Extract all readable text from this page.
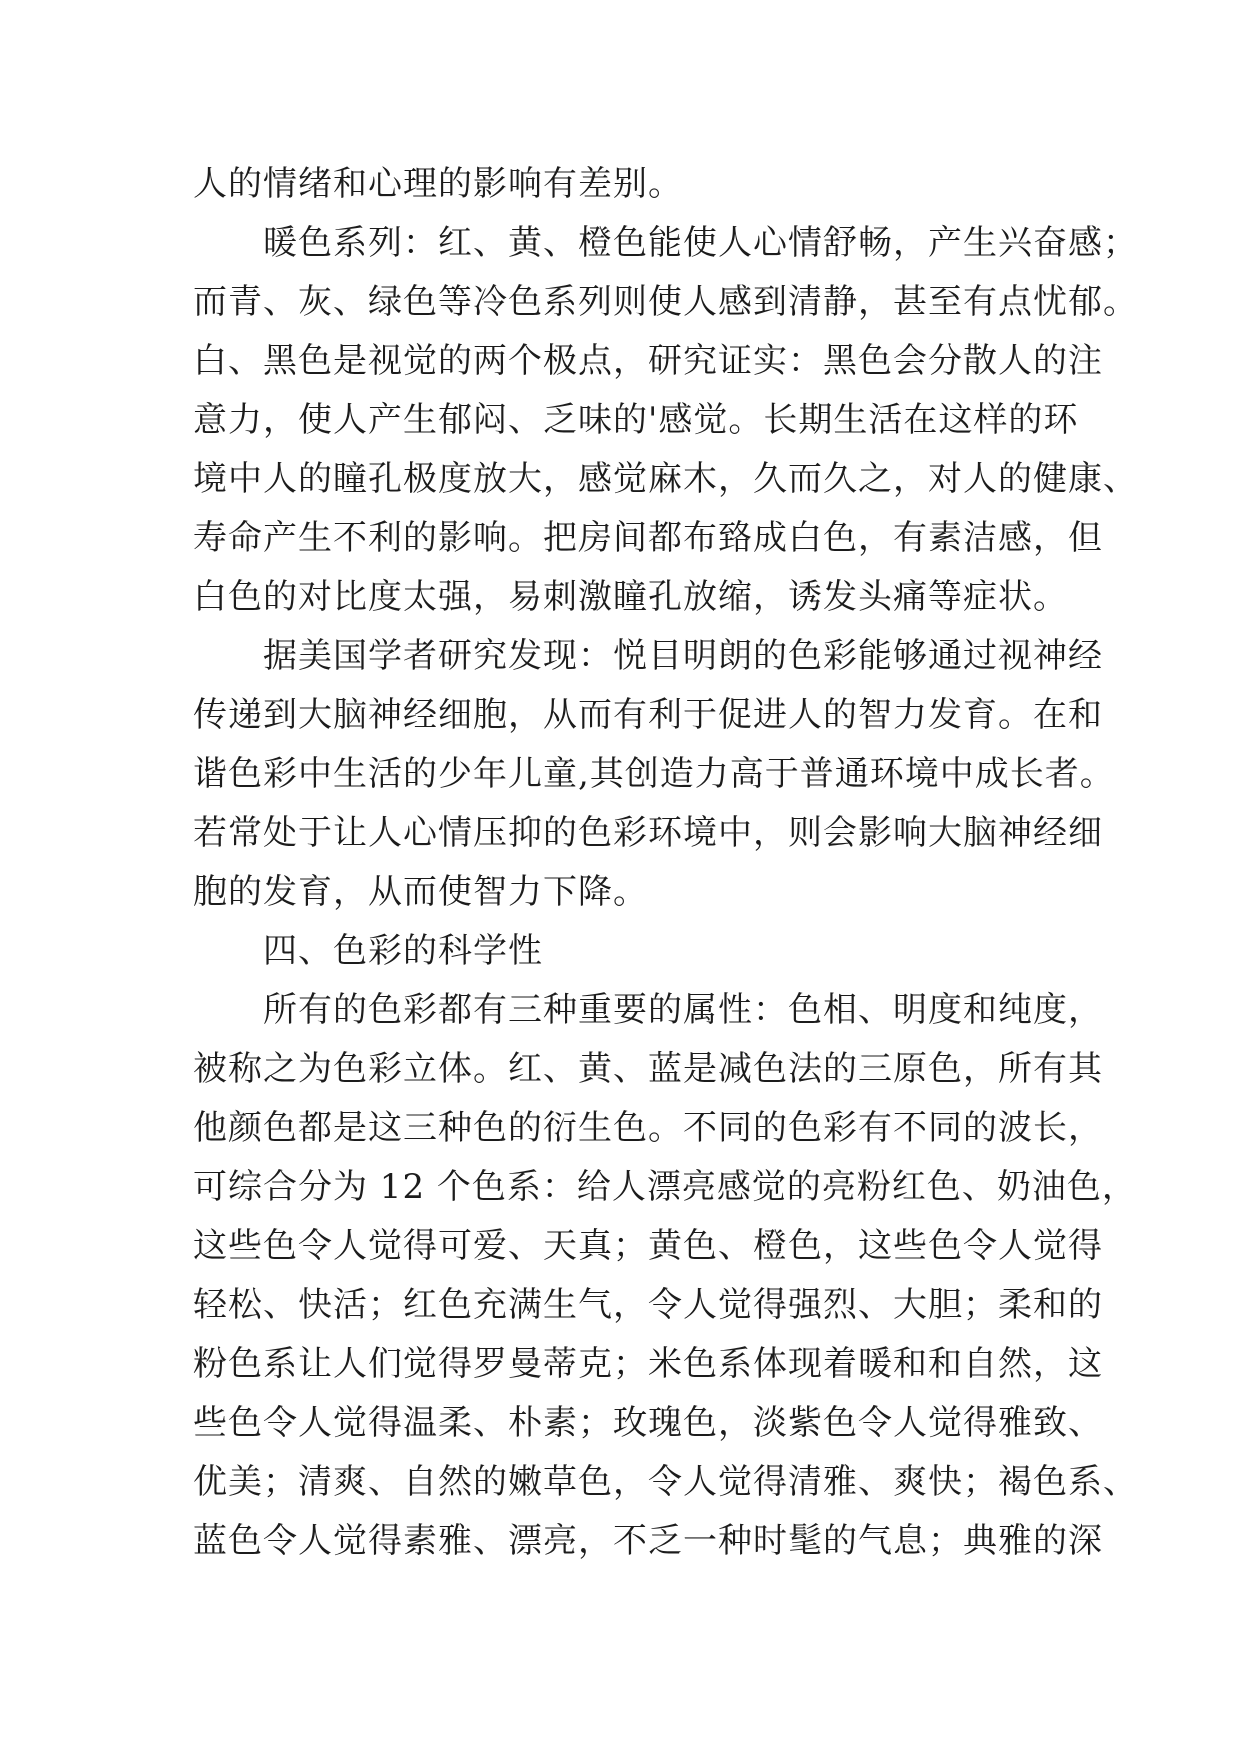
人的情绪和心理的影响有差别。
　　暖色系列：红、黄、橙色能使人心情舒畅，产生兴奋感；
而青、灰、绿色等冷色系列则使人感到清静，甚至有点忧郁。
白、黑色是视觉的两个极点，研究证实：黑色会分散人的注
意力，使人产生郁闷、乏味的'感觉。长期生活在这样的环
境中人的瞳孔极度放大，感觉麻木，久而久之，对人的健康、
寿命产生不利的影响。把房间都布臵成白色，有素洁感，但
白色的对比度太强，易刺激瞳孔放缩，诱发头痛等症状。
　　据美国学者研究发现：悦目明朗的色彩能够通过视神经
传递到大脑神经细胞，从而有利于促进人的智力发育。在和
谐色彩中生活的少年儿童,其创造力高于普通环境中成长者。
若常处于让人心情压抑的色彩环境中，则会影响大脑神经细
胞的发育，从而使智力下降。
　　四、色彩的科学性
　　所有的色彩都有三种重要的属性：色相、明度和纯度，
被称之为色彩立体。红、黄、蓝是减色法的三原色，所有其
他颜色都是这三种色的衍生色。不同的色彩有不同的波长，
可综合分为 12 个色系：给人漂亮感觉的亮粉红色、奶油色，
这些色令人觉得可爱、天真；黄色、橙色，这些色令人觉得
轻松、快活；红色充满生气，令人觉得强烈、大胆；柔和的
粉色系让人们觉得罗曼蒂克；米色系体现着暖和和自然，这
些色令人觉得温柔、朴素；玫瑰色，淡紫色令人觉得雅致、
优美；清爽、自然的嫩草色，令人觉得清雅、爽快；褐色系、
蓝色令人觉得素雅、漂亮，不乏一种时髦的气息；典雅的深
